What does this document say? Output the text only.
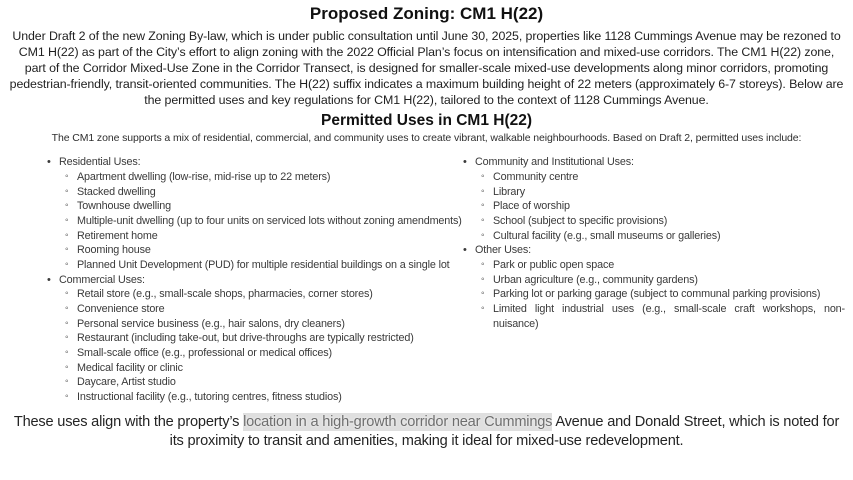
Proposed Zoning: CM1 H(22)

Under Draft 2 of the new Zoning By-law, which is under public consultation until June 30, 2025, properties like 1128 Cummings Avenue may be rezoned to CM1 H(22) as part of the City’s effort to align zoning with the 2022 Official Plan’s focus on intensification and mixed-use corridors. The CM1 H(22) zone, part of the Corridor Mixed-Use Zone in the Corridor Transect, is designed for smaller-scale mixed-use developments along minor corridors, promoting pedestrian-friendly, transit-oriented communities. The H(22) suffix indicates a maximum building height of 22 meters (approximately 6-7 storeys). Below are the permitted uses and key regulations for CM1 H(22), tailored to the context of 1128 Cummings Avenue.

Permitted Uses in CM1 H(22)

The CM1 zone supports a mix of residential, commercial, and community uses to create vibrant, walkable neighbourhoods. Based on Draft 2, permitted uses include:

• Residential Uses:
◦ Apartment dwelling (low-rise, mid-rise up to 22 meters)
◦ Stacked dwelling
◦ Townhouse dwelling
◦ Multiple-unit dwelling (up to four units on serviced lots without zoning amendments)
◦ Retirement home
◦ Rooming house
◦ Planned Unit Development (PUD) for multiple residential buildings on a single lot
• Commercial Uses:
◦ Retail store (e.g., small-scale shops, pharmacies, corner stores)
◦ Convenience store
◦ Personal service business (e.g., hair salons, dry cleaners)
◦ Restaurant (including take-out, but drive-throughs are typically restricted)
◦ Small-scale office (e.g., professional or medical offices)
◦ Medical facility or clinic
◦ Daycare, Artist studio
◦ Instructional facility (e.g., tutoring centres, fitness studios)
• Community and Institutional Uses:
◦ Community centre
◦ Library
◦ Place of worship
◦ School (subject to specific provisions)
◦ Cultural facility (e.g., small museums or galleries)
• Other Uses:
◦ Park or public open space
◦ Urban agriculture (e.g., community gardens)
◦ Parking lot or parking garage (subject to communal parking provisions)
◦ Limited light industrial uses (e.g., small-scale craft workshops, non-nuisance)

These uses align with the property’s location in a high-growth corridor near Cummings Avenue and Donald Street, which is noted for its proximity to transit and amenities, making it ideal for mixed-use redevelopment.
